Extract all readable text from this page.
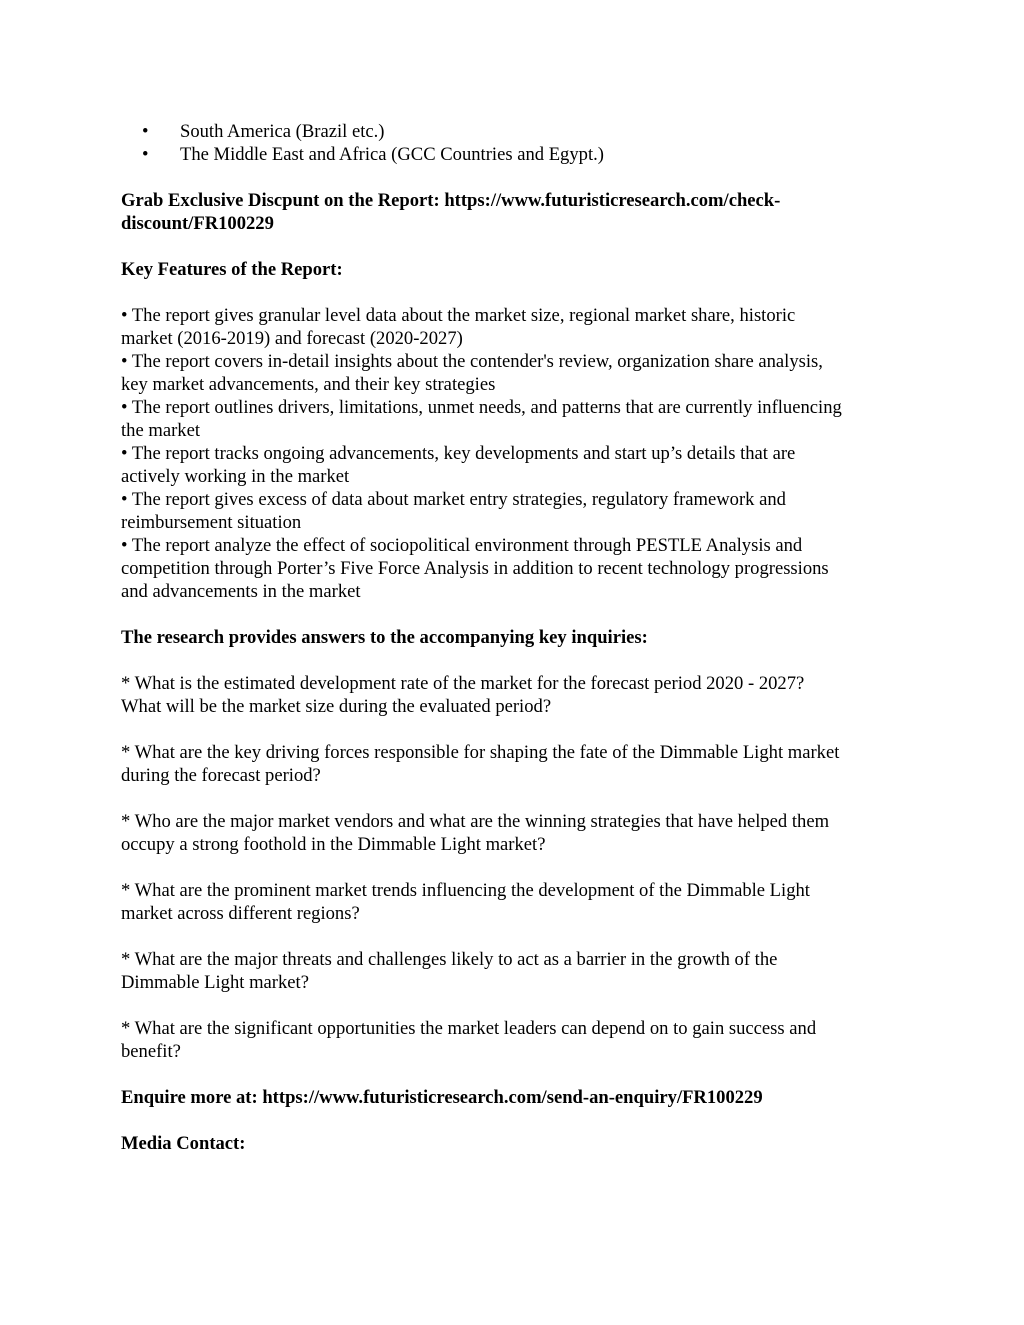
• South America (Brazil etc.)
• The Middle East and Africa (GCC Countries and Egypt.)

Grab Exclusive Discpunt on the Report: https://www.futuristicresearch.com/check-
discount/FR100229

Key Features of the Report:

• The report gives granular level data about the market size, regional market share, historic
market (2016-2019) and forecast (2020-2027)
• The report covers in-detail insights about the contender's review, organization share analysis,
key market advancements, and their key strategies
• The report outlines drivers, limitations, unmet needs, and patterns that are currently influencing
the market
• The report tracks ongoing advancements, key developments and start up’s details that are
actively working in the market
• The report gives excess of data about market entry strategies, regulatory framework and
reimbursement situation
• The report analyze the effect of sociopolitical environment through PESTLE Analysis and
competition through Porter’s Five Force Analysis in addition to recent technology progressions
and advancements in the market

The research provides answers to the accompanying key inquiries:

* What is the estimated development rate of the market for the forecast period 2020 - 2027?
What will be the market size during the evaluated period?
* What are the key driving forces responsible for shaping the fate of the Dimmable Light market
during the forecast period?
* Who are the major market vendors and what are the winning strategies that have helped them
occupy a strong foothold in the Dimmable Light market?
* What are the prominent market trends influencing the development of the Dimmable Light
market across different regions?
* What are the major threats and challenges likely to act as a barrier in the growth of the
Dimmable Light market?
* What are the significant opportunities the market leaders can depend on to gain success and
benefit?

Enquire more at: https://www.futuristicresearch.com/send-an-enquiry/FR100229

Media Contact:
